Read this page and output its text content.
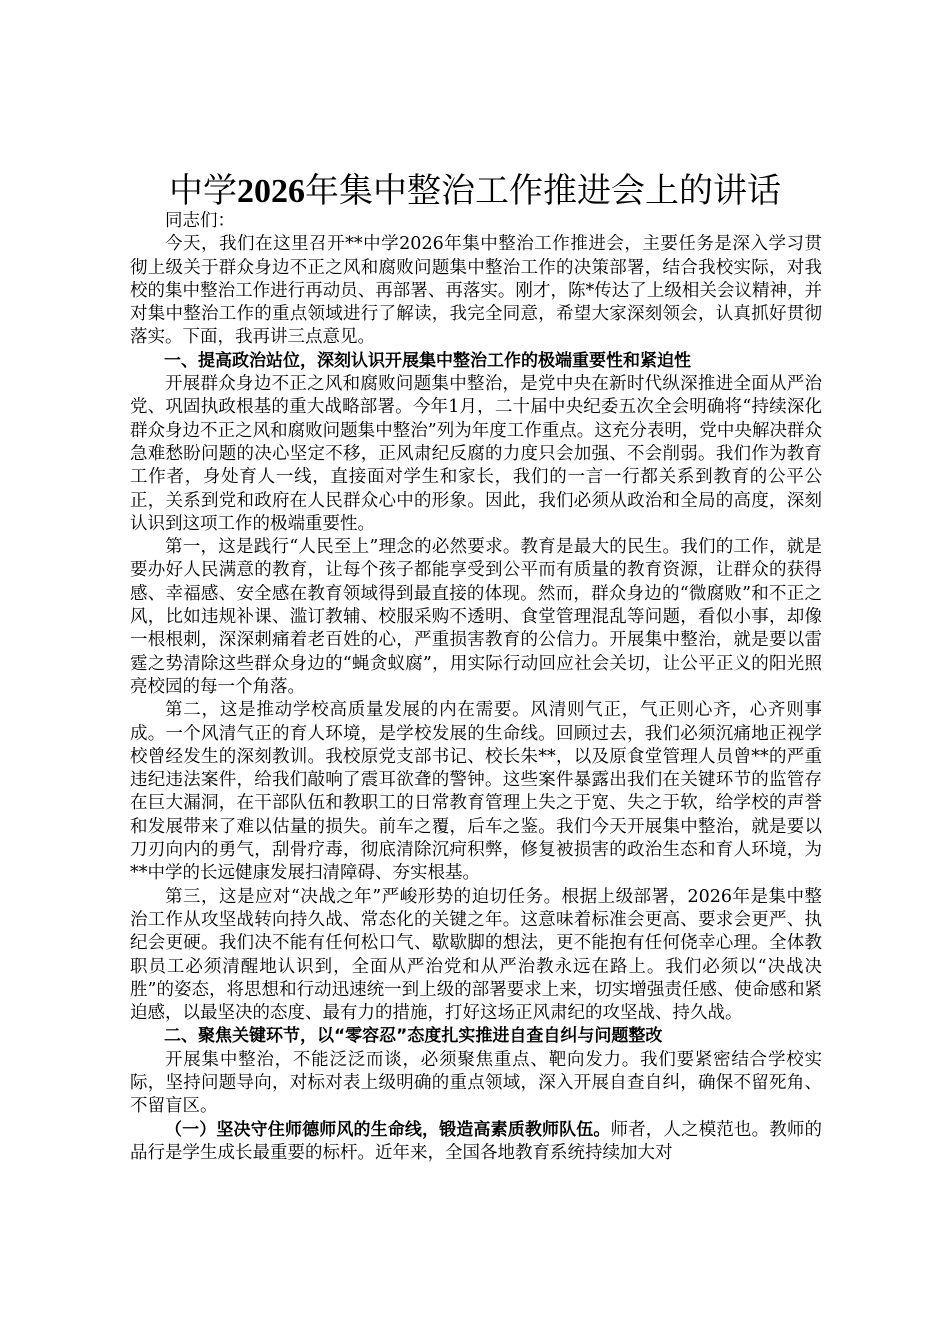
中学2026年集中整治工作推进会上的讲话

同志们：

今天，我们在这里召开**中学2026年集中整治工作推进会，主要任务是深入学习贯彻上级关于群众身边不正之风和腐败问题集中整治工作的决策部署，结合我校实际，对我校的集中整治工作进行再动员、再部署、再落实。刚才，陈*传达了上级相关会议精神，并对集中整治工作的重点领域进行了解读，我完全同意，希望大家深刻领会，认真抓好贯彻落实。下面，我再讲三点意见。

一、提高政治站位，深刻认识开展集中整治工作的极端重要性和紧迫性

开展群众身边不正之风和腐败问题集中整治，是党中央在新时代纵深推进全面从严治党、巩固执政根基的重大战略部署。今年1月，二十届中央纪委五次全会明确将“持续深化群众身边不正之风和腐败问题集中整治”列为年度工作重点。这充分表明，党中央解决群众急难愁盼问题的决心坚定不移，正风肃纪反腐的力度只会加强、不会削弱。我们作为教育工作者，身处育人一线，直接面对学生和家长，我们的一言一行都关系到教育的公平公正，关系到党和政府在人民群众心中的形象。因此，我们必须从政治和全局的高度，深刻认识到这项工作的极端重要性。

第一，这是践行“人民至上”理念的必然要求。教育是最大的民生。我们的工作，就是要办好人民满意的教育，让每个孩子都能享受到公平而有质量的教育资源，让群众的获得感、幸福感、安全感在教育领域得到最直接的体现。然而，群众身边的“微腐败”和不正之风，比如违规补课、滥订教辅、校服采购不透明、食堂管理混乱等问题，看似小事，却像一根根刺，深深刺痛着老百姓的心，严重损害教育的公信力。开展集中整治，就是要以雷霆之势清除这些群众身边的“蝇贪蚁腐”，用实际行动回应社会关切，让公平正义的阳光照亮校园的每一个角落。

第二，这是推动学校高质量发展的内在需要。风清则气正，气正则心齐，心齐则事成。一个风清气正的育人环境，是学校发展的生命线。回顾过去，我们必须沉痛地正视学校曾经发生的深刻教训。我校原党支部书记、校长朱**，以及原食堂管理人员曾**的严重违纪违法案件，给我们敲响了震耳欲聋的警钟。这些案件暴露出我们在关键环节的监管存在巨大漏洞，在干部队伍和教职工的日常教育管理上失之于宽、失之于软，给学校的声誉和发展带来了难以估量的损失。前车之覆，后车之鉴。我们今天开展集中整治，就是要以刀刃向内的勇气，刮骨疗毒，彻底清除沉疴积弊，修复被损害的政治生态和育人环境，为**中学的长远健康发展扫清障碍、夯实根基。

第三，这是应对“决战之年”严峻形势的迫切任务。根据上级部署，2026年是集中整治工作从攻坚战转向持久战、常态化的关键之年。这意味着标准会更高、要求会更严、执纪会更硬。我们决不能有任何松口气、歇歇脚的想法，更不能抱有任何侥幸心理。全体教职员工必须清醒地认识到，全面从严治党和从严治教永远在路上。我们必须以“决战决胜”的姿态，将思想和行动迅速统一到上级的部署要求上来，切实增强责任感、使命感和紧迫感，以最坚决的态度、最有力的措施，打好这场正风肃纪的攻坚战、持久战。

二、聚焦关键环节，以“零容忍”态度扎实推进自查自纠与问题整改

开展集中整治，不能泛泛而谈，必须聚焦重点、靶向发力。我们要紧密结合学校实际，坚持问题导向，对标对表上级明确的重点领域，深入开展自查自纠，确保不留死角、不留盲区。

（一）坚决守住师德师风的生命线，锻造高素质教师队伍。师者，人之模范也。教师的品行是学生成长最重要的标杆。近年来，全国各地教育系统持续加大对
